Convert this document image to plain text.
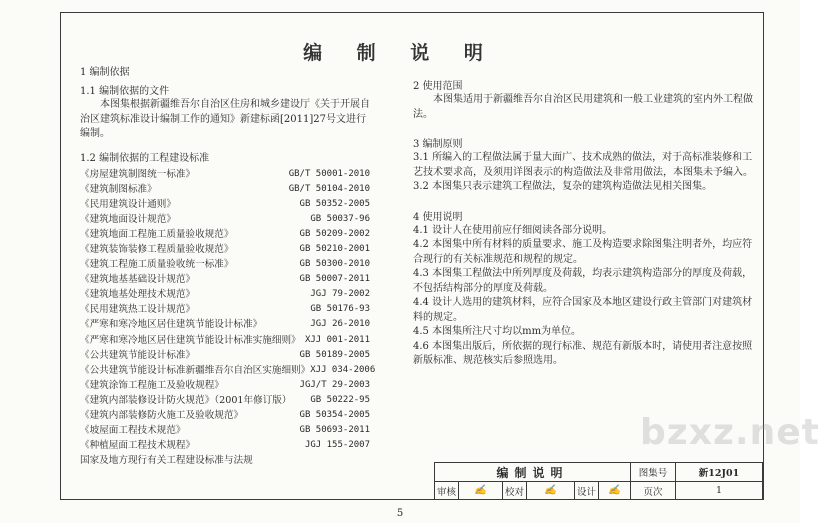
编 制 说 明

1 编制依据

1.1 编制依据的文件

本图集根据新疆维吾尔自治区住房和城乡建设厅《关于开展自治区建筑标准设计编制工作的通知》新建标函[2011]27号文进行编制。

1.2 编制依据的工程建设标准

《房屋建筑制图统一标准》	GB/T 50001-2010
《建筑制图标准》	GB/T 50104-2010
《民用建筑设计通则》	GB 50352-2005
《建筑地面设计规范》	GB 50037-96
《建筑地面工程施工质量验收规范》	GB 50209-2002
《建筑装饰装修工程质量验收规范》	GB 50210-2001
《建筑工程施工质量验收统一标准》	GB 50300-2010
《建筑地基基础设计规范》	GB 50007-2011
《建筑地基处理技术规范》	JGJ 79-2002
《民用建筑热工设计规范》	GB 50176-93
《严寒和寒冷地区居住建筑节能设计标准》	JGJ 26-2010
《严寒和寒冷地区居住建筑节能设计标准实施细则》 XJJ 001-2011
《公共建筑节能设计标准》	GB 50189-2005
《公共建筑节能设计标准新疆维吾尔自治区实施细则》 XJJ 034-2006
《建筑涂饰工程施工及验收规程》	JGJ/T 29-2003
《建筑内部装修设计防火规范》（2001年修订版） GB 50222-95
《建筑内部装修防火施工及验收规范》	GB 50354-2005
《坡屋面工程技术规范》	GB 50693-2011
《种植屋面工程技术规程》	JGJ 155-2007
国家及地方现行有关工程建设标准与法规

2 使用范围

本图集适用于新疆维吾尔自治区民用建筑和一般工业建筑的室内外工程做法。

3 编制原则

3.1 所编入的工程做法属于量大面广、技术成熟的做法，对于高标准装修和工艺技术要求高，及须用详图表示的构造做法及非常用做法，本图集未予编入。

3.2 本图集只表示建筑工程做法，复杂的建筑构造做法见相关图集。

4 使用说明

4.1 设计人在使用前应仔细阅读各部分说明。

4.2 本图集中所有材料的质量要求、施工及构造要求除图集注明者外，均应符合现行的有关标准规范和规程的规定。

4.3 本图集工程做法中所列厚度及荷载，均表示建筑构造部分的厚度及荷载，不包括结构部分的厚度及荷载。

4.4 设计人选用的建筑材料，应符合国家及本地区建设行政主管部门对建筑材料的规定。

4.5 本图集所注尺寸均以mm为单位。

4.6 本图集出版后，所依据的现行标准、规范有新版本时，请使用者注意按照新版标准、规范核实后参照选用。

bzxz.net
编制说明	图集号	新12J01
审核	✍	校对	✍	设计	✍	页次	1
5
